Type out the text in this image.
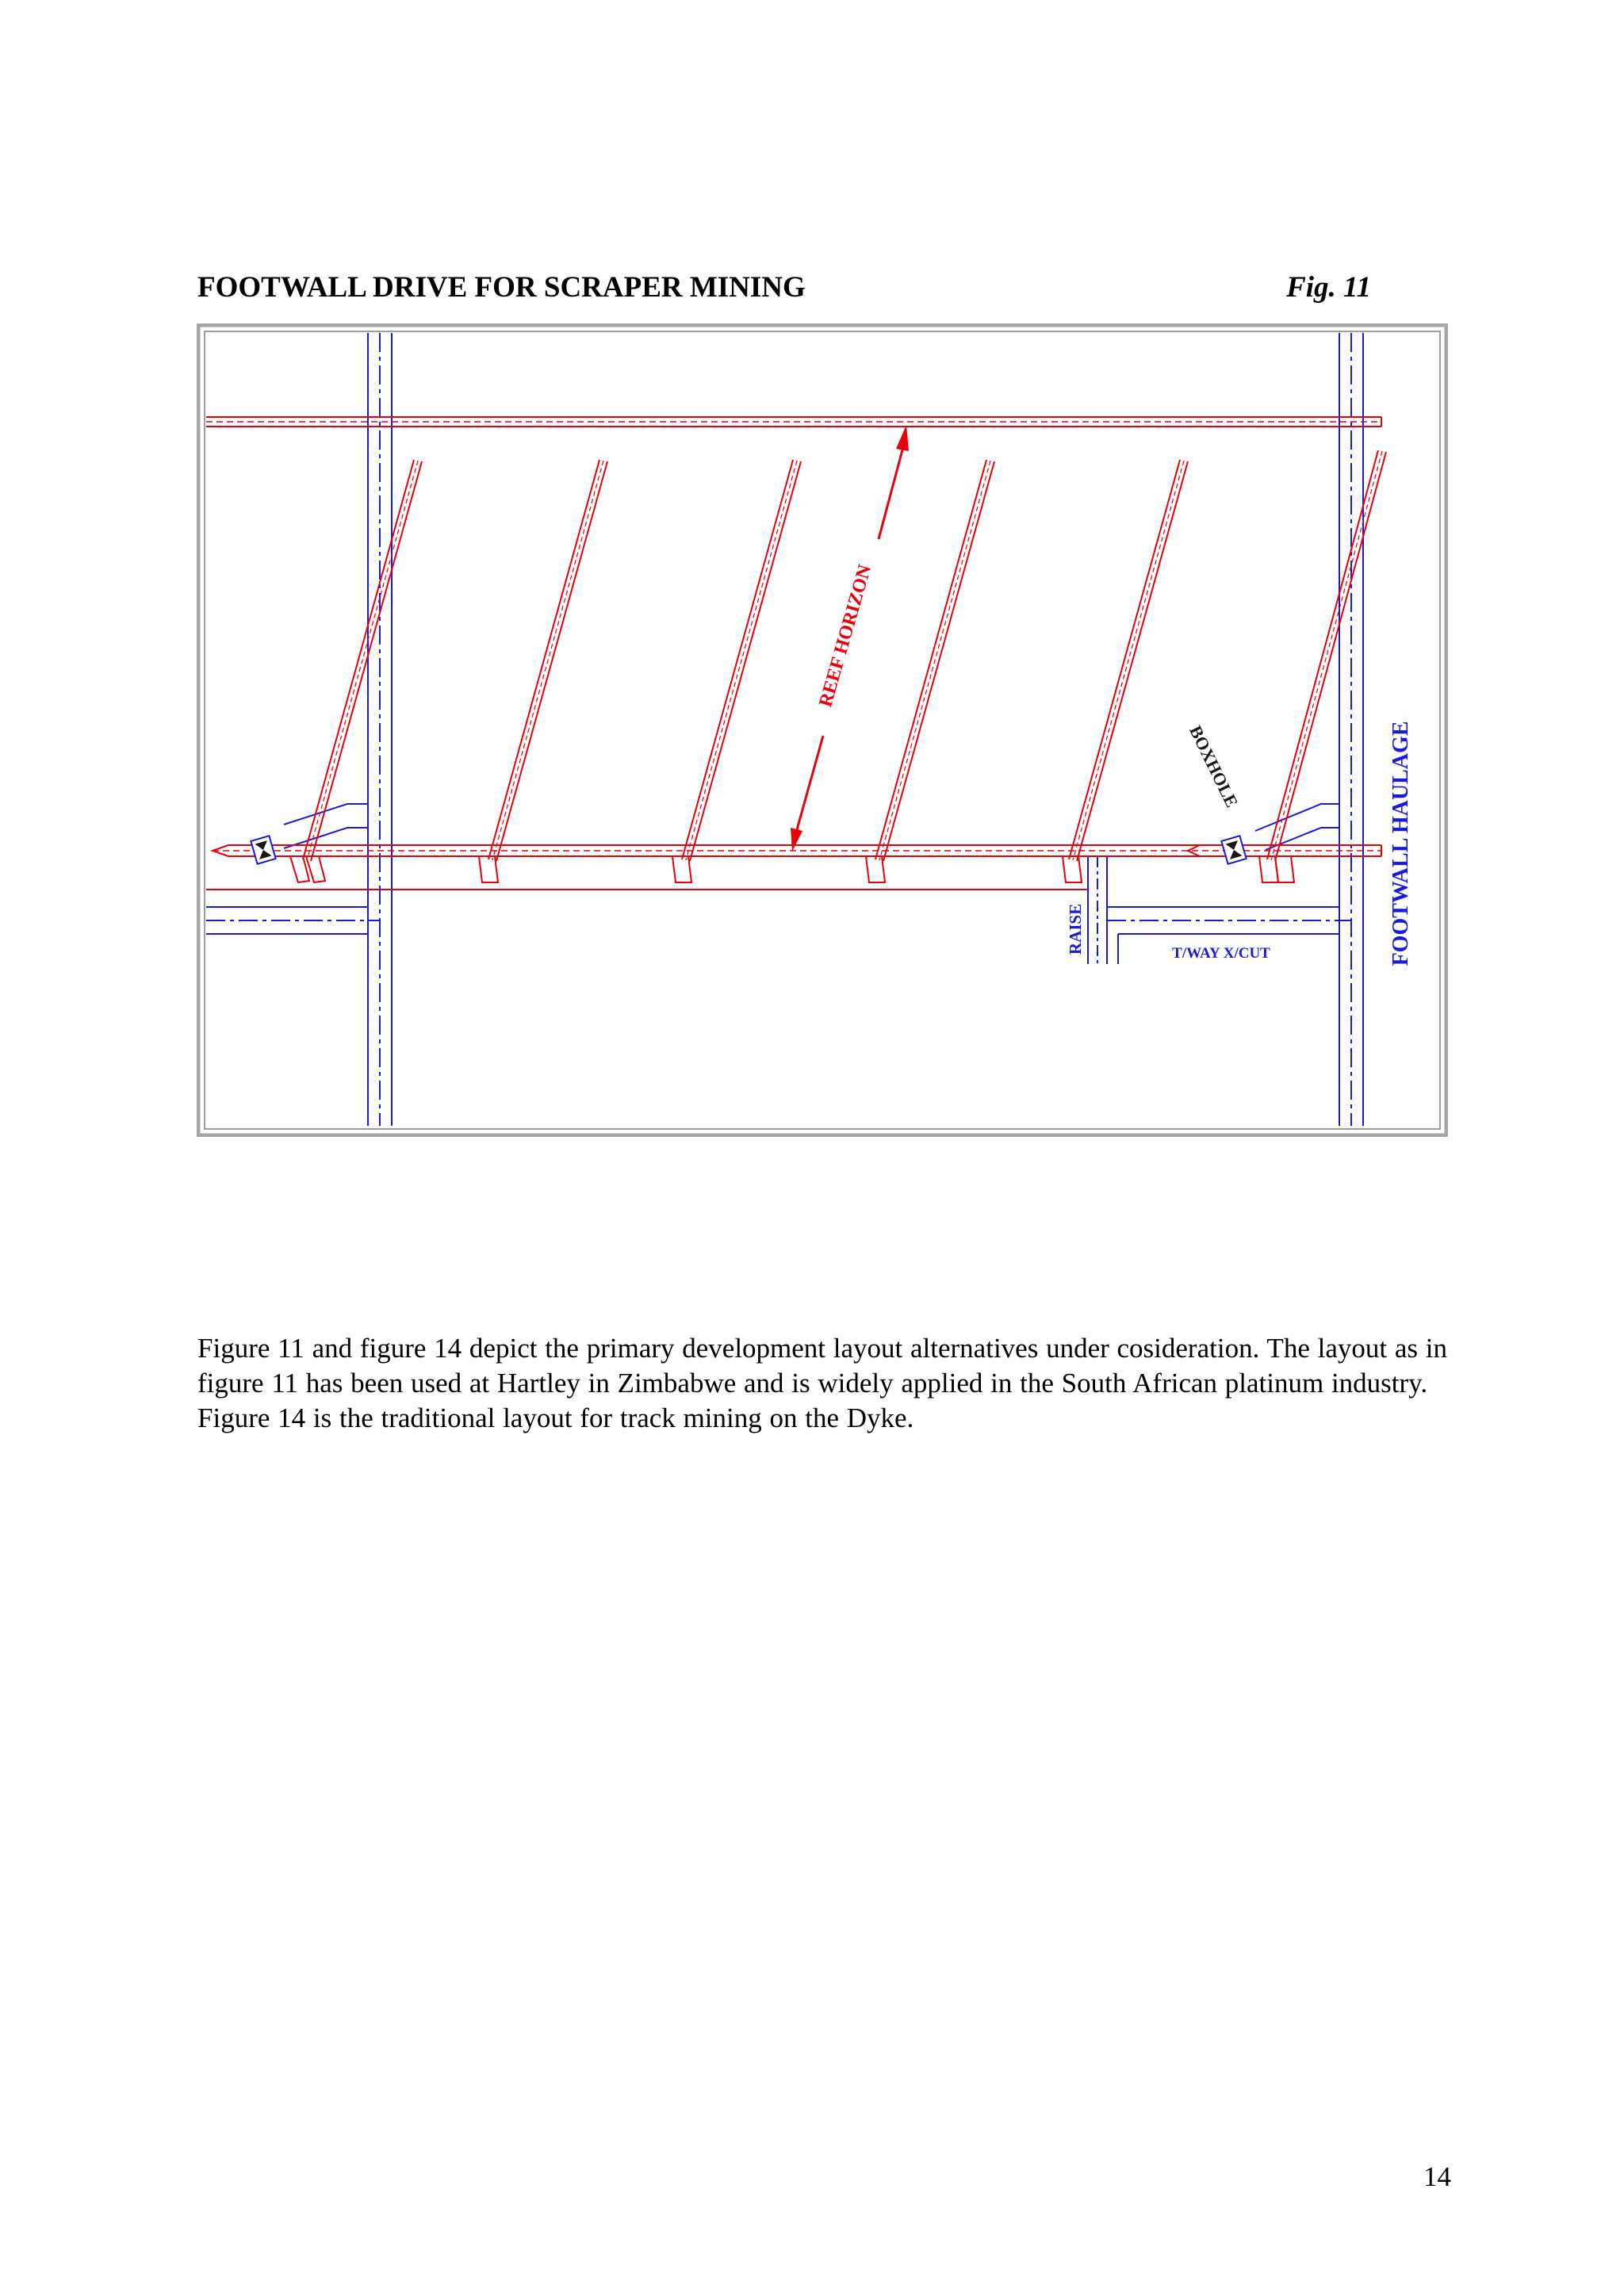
FOOTWALL DRIVE FOR SCRAPER MINING	Fig. 11
REEF HORIZON
BOXHOLE	FOOTWALL HAULAGE
RAISE	T/WAY X/CUT

Figure 11 and figure 14 depict the primary development layout alternatives under cosideration. The layout as in figure 11 has been used at Hartley in Zimbabwe and is widely applied in the South African platinum industry. Figure 14 is the traditional layout for track mining on the Dyke.

14
